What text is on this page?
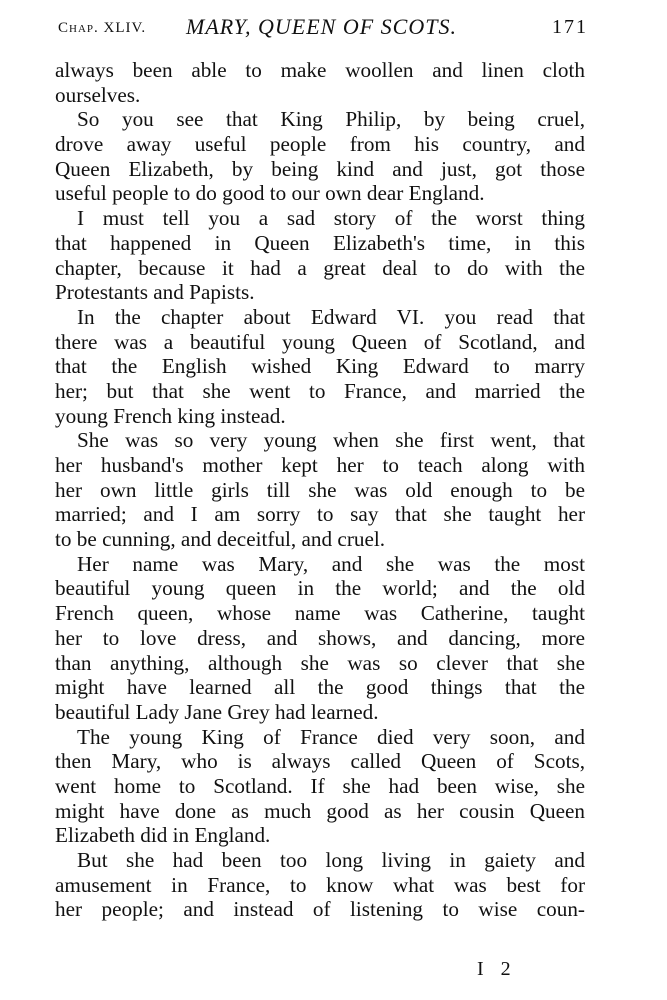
Chap. XLIV. MARY, QUEEN OF SCOTS.	171
always been able to make woollen and linen cloth
ourselves.
So you see that King Philip, by being cruel,
drove away useful people from his country, and
Queen Elizabeth, by being kind and just, got those
useful people to do good to our own dear England.
I must tell you a sad story of the worst thing
that happened in Queen Elizabeth's time, in this
chapter, because it had a great deal to do with the
Protestants and Papists.
In the chapter about Edward VI. you read that
there was a beautiful young Queen of Scotland, and
that the English wished King Edward to marry
her; but that she went to France, and married the
young French king instead.
She was so very young when she first went, that
her husband's mother kept her to teach along with
her own little girls till she was old enough to be
married; and I am sorry to say that she taught her
to be cunning, and deceitful, and cruel.
Her name was Mary, and she was the most
beautiful young queen in the world; and the old
French queen, whose name was Catherine, taught
her to love dress, and shows, and dancing, more
than anything, although she was so clever that she
might have learned all the good things that the
beautiful Lady Jane Grey had learned.
The young King of France died very soon, and
then Mary, who is always called Queen of Scots,
went home to Scotland. If she had been wise, she
might have done as much good as her cousin Queen
Elizabeth did in England.
But she had been too long living in gaiety and
amusement in France, to know what was best for
her people; and instead of listening to wise coun-
I 2
